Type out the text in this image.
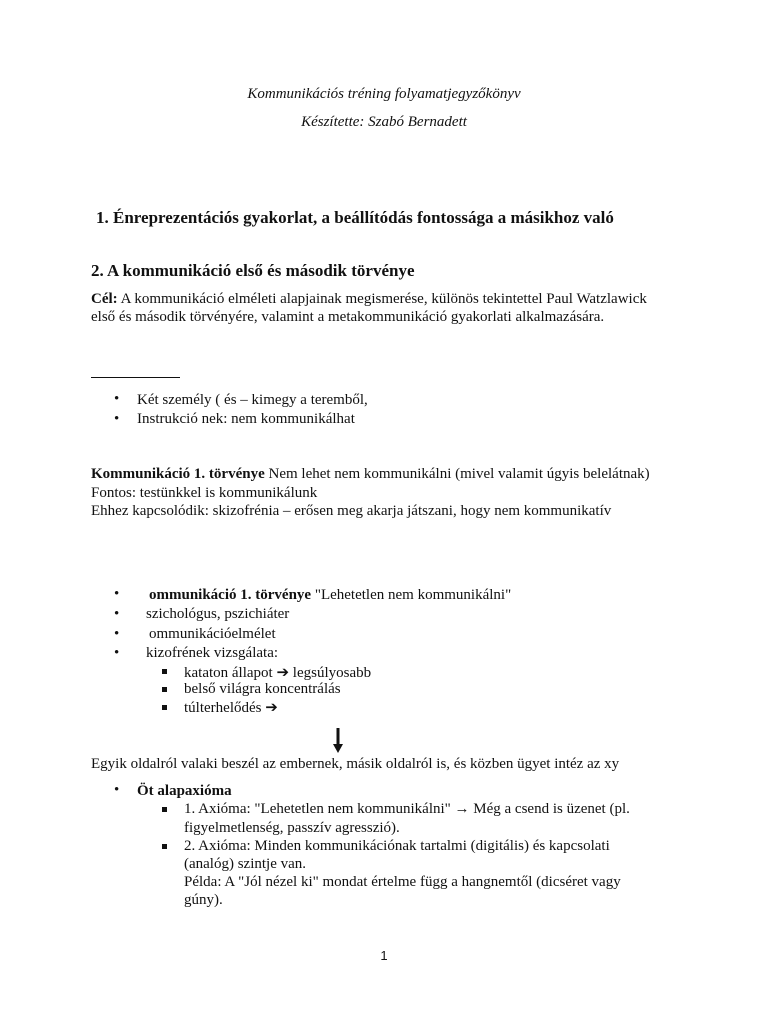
Kommunikációs tréning folyamatjegyzőkönyv
Készítette: Szabó Bernadett
1. Énreprezentációs gyakorlat, a beállítódás fontossága a másikhoz való
2. A kommunikáció első és második törvénye
Cél: A kommunikáció elméleti alapjainak megismerése, különös tekintettel Paul Watzlawick
első és második törvényére, valamint a metakommunikáció gyakorlati alkalmazására.
• Két személy ( és – kimegy a teremből,
• Instrukció nek: nem kommunikálhat
Kommunikáció 1. törvénye Nem lehet nem kommunikálni (mivel valamit úgyis belelátnak)
Fontos: testünkkel is kommunikálunk
Ehhez kapcsolódik: skizofrénia – erősen meg akarja játszani, hogy nem kommunikatív
• ommunikáció 1. törvénye "Lehetetlen nem kommunikálni"
• szichológus, pszichiáter
• ommunikációelmélet
• kizofrének vizsgálata:
kataton állapot ➔ legsúlyosabb
belső világra koncentrálás
túlterhelődés ➔
Egyik oldalról valaki beszél az embernek, másik oldalról is, és közben ügyet intéz az xy
• Öt alapaxióma
1. Axióma: "Lehetetlen nem kommunikálni" → Még a csend is üzenet (pl.
figyelmetlenség, passzív agresszió).
2. Axióma: Minden kommunikációnak tartalmi (digitális) és kapcsolati
(analóg) szintje van.
Példa: A "Jól nézel ki" mondat értelme függ a hangnemtől (dicséret vagy
gúny).
1
